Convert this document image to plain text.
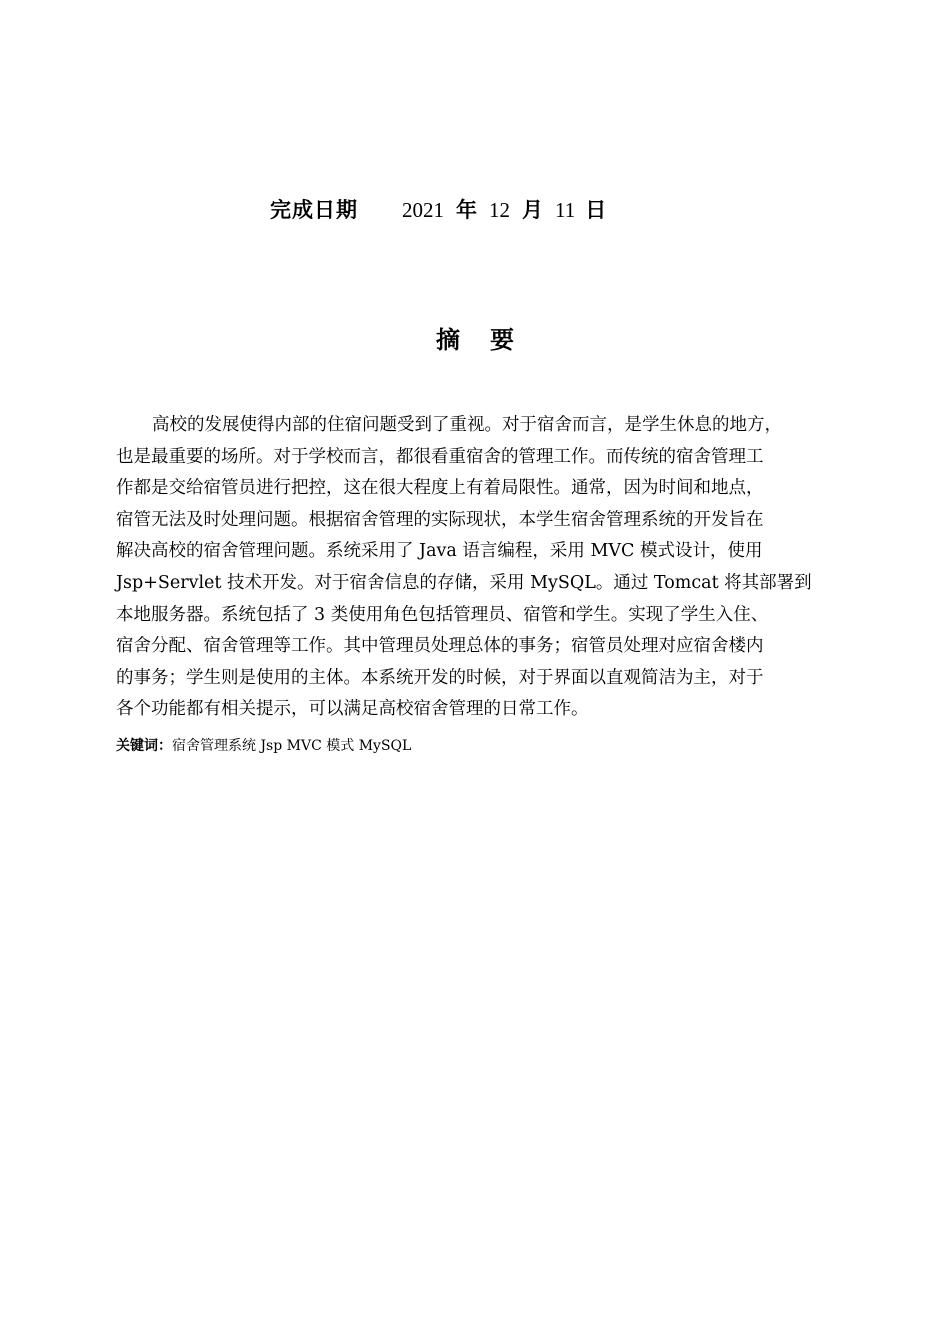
完成日期 2021 年 12 月 11 日
摘 要
高校的发展使得内部的住宿问题受到了重视。对于宿舍而言，是学生休息的地方，
也是最重要的场所。对于学校而言，都很看重宿舍的管理工作。而传统的宿舍管理工
作都是交给宿管员进行把控，这在很大程度上有着局限性。通常，因为时间和地点，
宿管无法及时处理问题。根据宿舍管理的实际现状，本学生宿舍管理系统的开发旨在
解决高校的宿舍管理问题。系统采用了 Java 语言编程，采用 MVC 模式设计，使用
Jsp+Servlet 技术开发。对于宿舍信息的存储，采用 MySQL。通过 Tomcat 将其部署到
本地服务器。系统包括了 3 类使用角色包括管理员、宿管和学生。实现了学生入住、
宿舍分配、宿舍管理等工作。其中管理员处理总体的事务；宿管员处理对应宿舍楼内
的事务；学生则是使用的主体。本系统开发的时候，对于界面以直观简洁为主，对于
各个功能都有相关提示，可以满足高校宿舍管理的日常工作。
关键词：宿舍管理系统 Jsp MVC 模式 MySQL
